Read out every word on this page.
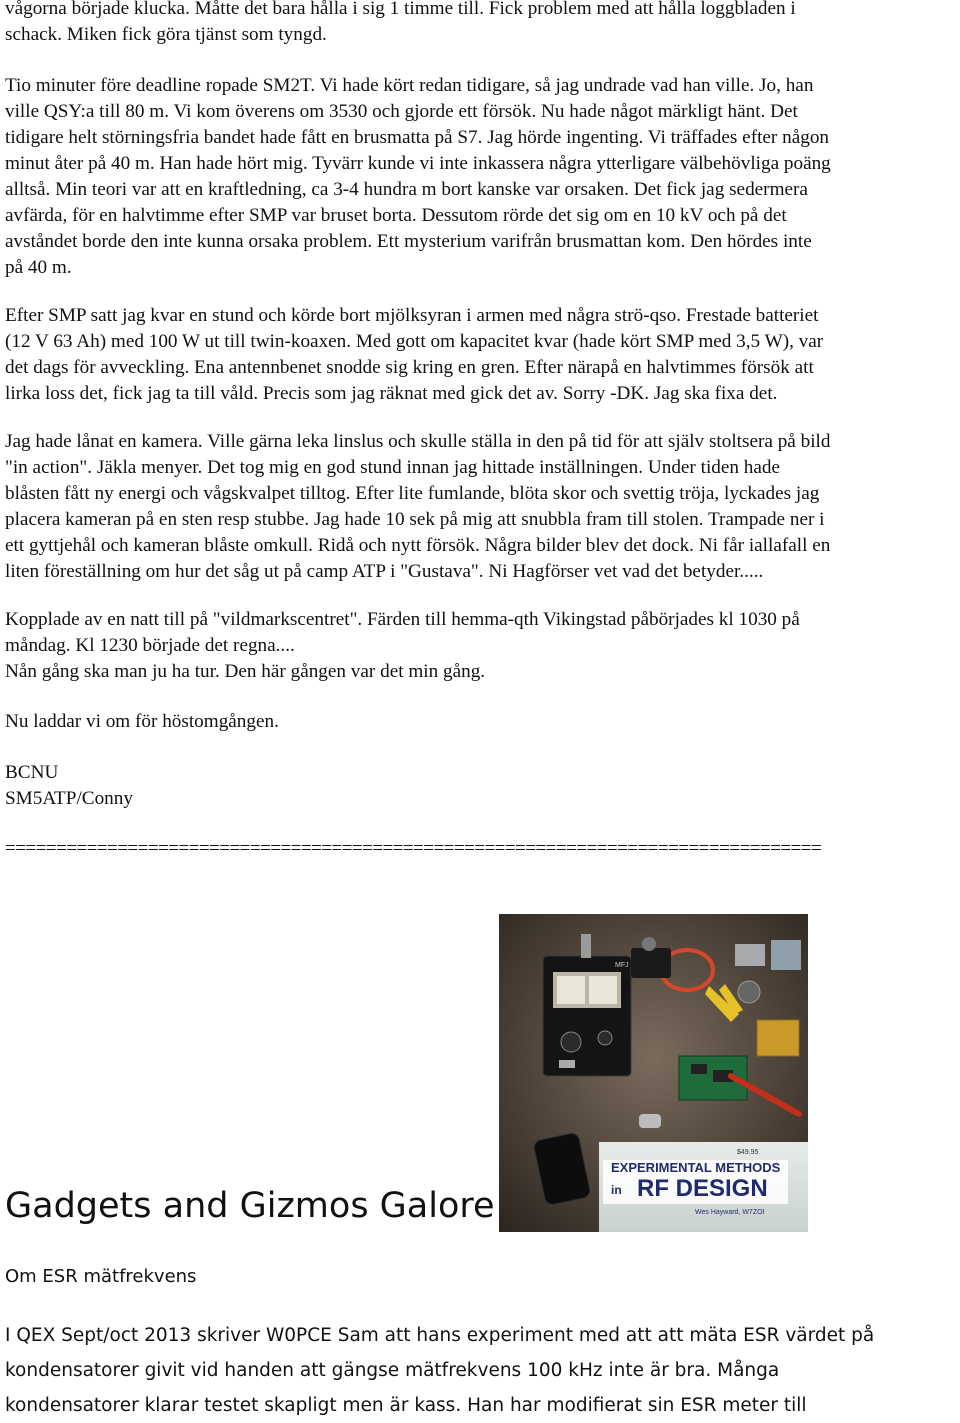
vågorna började klucka. Måtte det bara hålla i sig 1 timme till. Fick problem med att hålla loggbladen i
schack. Miken fick göra tjänst som tyngd.

Tio minuter före deadline ropade SM2T. Vi hade kört redan tidigare, så jag undrade vad han ville. Jo, han
ville QSY:a till 80 m. Vi kom överens om 3530 och gjorde ett försök. Nu hade något märkligt hänt. Det
tidigare helt störningsfria bandet hade fått en brusmatta på S7. Jag hörde ingenting. Vi träffades efter någon
minut åter på 40 m. Han hade hört mig. Tyvärr kunde vi inte inkassera några ytterligare välbehövliga poäng
alltså. Min teori var att en kraftledning, ca 3-4 hundra m bort kanske var orsaken. Det fick jag sedermera
avfärda, för en halvtimme efter SMP var bruset borta. Dessutom rörde det sig om en 10 kV och på det
avståndet borde den inte kunna orsaka problem. Ett mysterium varifrån brusmattan kom. Den hördes inte
på 40 m.

Efter SMP satt jag kvar en stund och körde bort mjölksyran i armen med några strö-qso. Frestade batteriet
(12 V 63 Ah) med 100 W ut till twin-koaxen. Med gott om kapacitet kvar (hade kört SMP med 3,5 W), var
det dags för avveckling. Ena antennbenet snodde sig kring en gren. Efter närapå en halvtimmes försök att
lirka loss det, fick jag ta till våld. Precis som jag räknat med gick det av. Sorry -DK. Jag ska fixa det.

Jag hade lånat en kamera. Ville gärna leka linslus och skulle ställa in den på tid för att själv stoltsera på bild
"in action". Jäkla menyer. Det tog mig en god stund innan jag hittade inställningen. Under tiden hade
blåsten fått ny energi och vågskvalpet tilltog. Efter lite fumlande, blöta skor och svettig tröja, lyckades jag
placera kameran på en sten resp stubbe. Jag hade 10 sek på mig att snubbla fram till stolen. Trampade ner i
ett gyttjehål och kameran blåste omkull. Ridå och nytt försök. Några bilder blev det dock. Ni får iallafall en
liten föreställning om hur det såg ut på camp ATP i "Gustava". Ni Hagförser vet vad det betyder.....

Kopplade av en natt till på "vildmarkscentret". Färden till hemma-qth Vikingstad påbörjades kl 1030 på
måndag. Kl 1230 började det regna....
Nån gång ska man ju ha tur. Den här gången var det min gång.

Nu laddar vi om för höstomgången.

BCNU
SM5ATP/Conny

================================================================================
MFJ
EXPERIMENTAL METHODS
in RF DESIGN
Wes Hayward, W7ZOI
$49.95
Gadgets and Gizmos Galore
Om ESR mätfrekvens

I QEX Sept/oct 2013 skriver W0PCE Sam att hans experiment med att att mäta ESR värdet på
kondensatorer givit vid handen att gängse mätfrekvens 100 kHz inte är bra. Många
kondensatorer klarar testet skapligt men är kass. Han har modifierat sin ESR meter till
